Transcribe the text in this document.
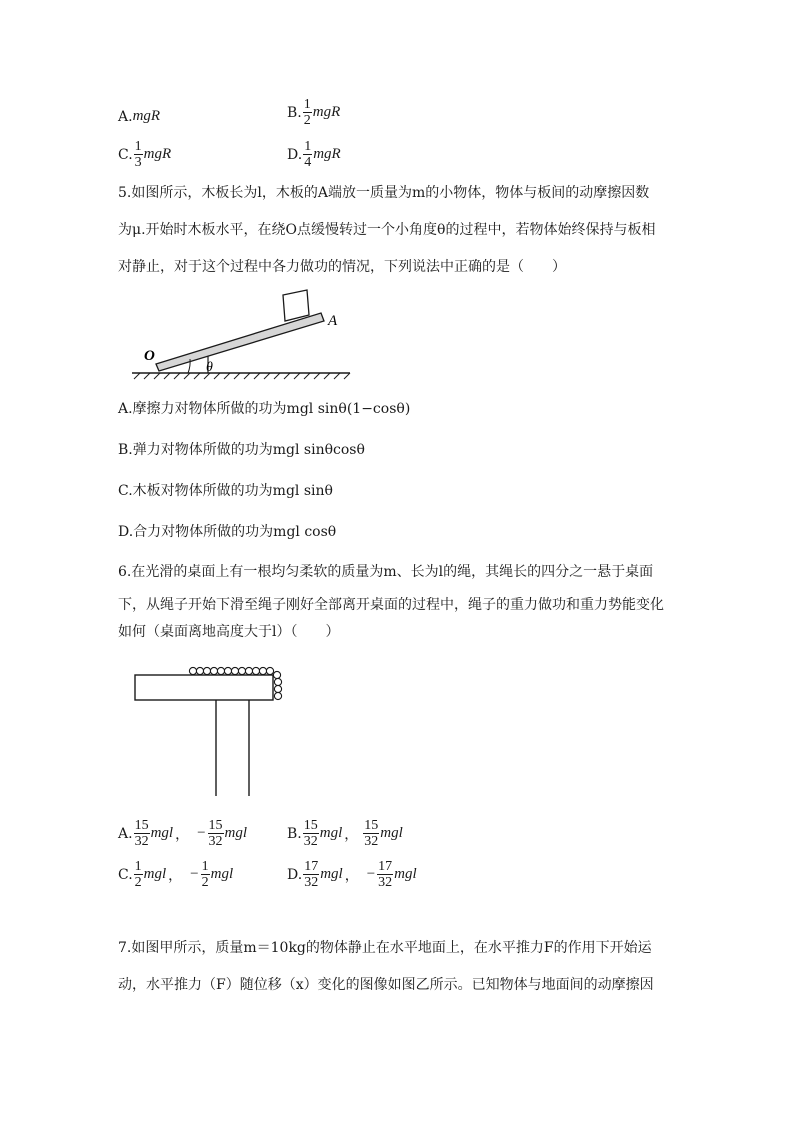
A. mgR	B. $\frac{1}{2}$ mgR
C. $\frac{1}{3}$ mgR	D. $\frac{1}{4}$ mgR
5.如图所示，木板长为l，木板的A端放一质量为m的小物体，物体与板间的动摩擦因数
为μ.开始时木板水平，在绕O点缓慢转过一个小角度θ的过程中，若物体始终保持与板相
对静止，对于这个过程中各力做功的情况，下列说法中正确的是（　　）
O
A
θ
A.摩擦力对物体所做的功为mgl sinθ(1−cosθ)
B.弹力对物体所做的功为mgl sinθcosθ
C.木板对物体所做的功为mgl sinθ
D.合力对物体所做的功为mgl cosθ
6.在光滑的桌面上有一根均匀柔软的质量为m、长为l的绳，其绳长的四分之一悬于桌面
下，从绳子开始下滑至绳子刚好全部离开桌面的过程中，绳子的重力做功和重力势能变化
如何（桌面离地高度大于l）（　　）
A. $\frac{15}{32}$ mgl ， − $\frac{15}{32}$ mgl	B. $\frac{15}{32}$ mgl ， $\frac{15}{32}$ mgl
C. $\frac{1}{2}$ mgl ， − $\frac{1}{2}$ mgl	D. $\frac{17}{32}$ mgl ， − $\frac{17}{32}$ mgl
7.如图甲所示，质量m＝10kg的物体静止在水平地面上，在水平推力F的作用下开始运
动，水平推力（F）随位移（x）变化的图像如图乙所示。已知物体与地面间的动摩擦因
